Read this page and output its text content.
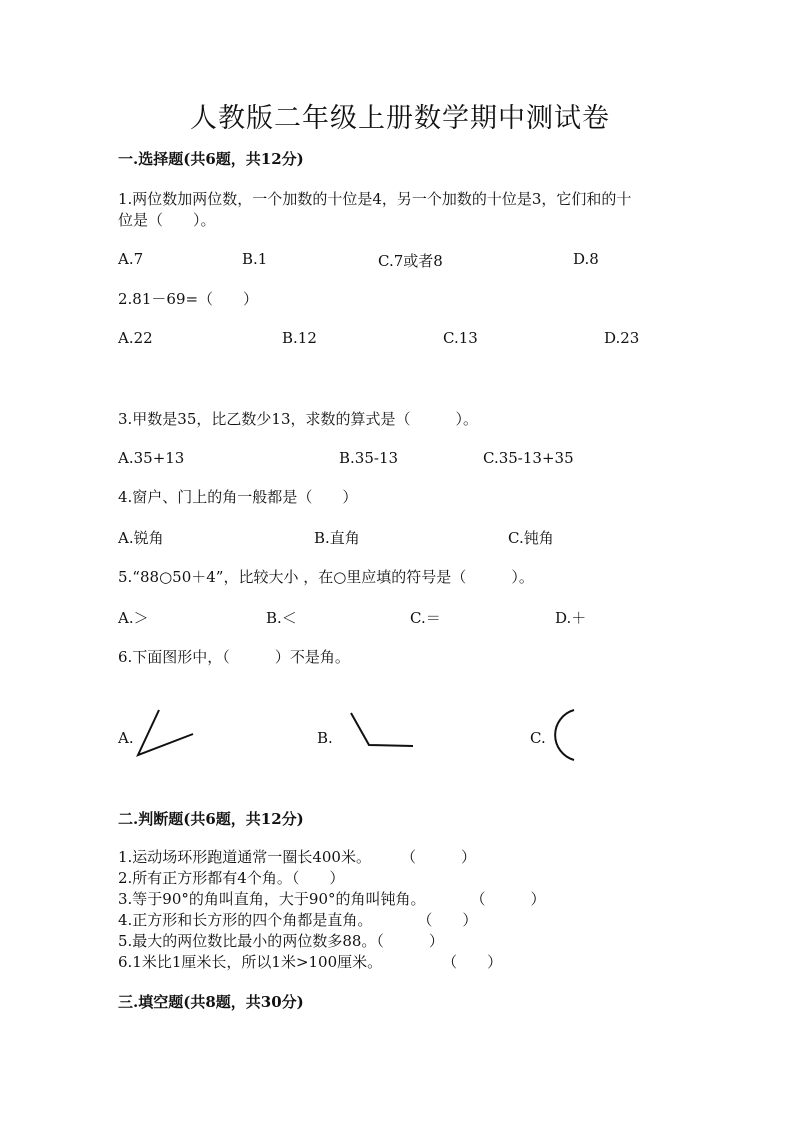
人教版二年级上册数学期中测试卷
一.选择题(共6题，共12分)
1.两位数加两位数，一个加数的十位是4，另一个加数的十位是3，它们和的十
位是（　　）。
A.7	B.1	C.7或者8	D.8
2.81－69=（　　）
A.22	B.12	C.13	D.23
3.甲数是35，比乙数少13，求数的算式是（　　　）。
A.35+13	B.35-13	C.35-13+35
4.窗户、门上的角一般都是（　　）
A.锐角	B.直角	C.钝角
5.“88○50＋4”，比较大小 ，在○里应填的符号是（　　　）。
A.＞	B.＜	C.＝	D.＋
6.下面图形中，（　　　）不是角。
A.	B.	C.
二.判断题(共6题，共12分)
1.运动场环形跑道通常一圈长400米。　　　（　　　）
2.所有正方形都有4个角。（　　）
3.等于90°的角叫直角，大于90°的角叫钝角。　　　　（　　　）
4.正方形和长方形的四个角都是直角。　　　　（　　）
5.最大的两位数比最小的两位数多88。（　　　）
6.1米比1厘米长，所以1米>100厘米。　　　　　（　　）
三.填空题(共8题，共30分)
